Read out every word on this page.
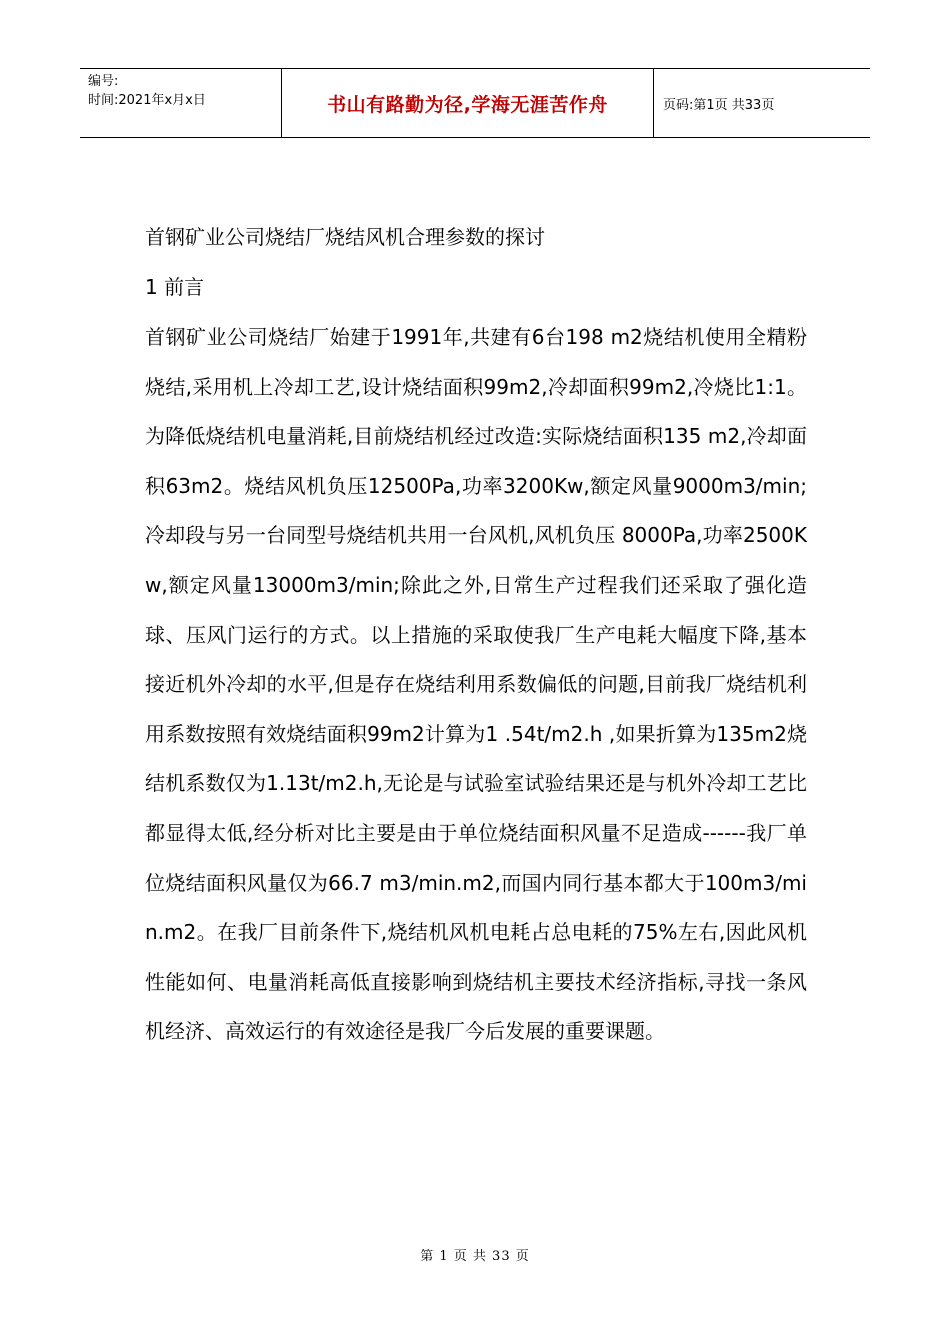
编号:
时间:2021年x月x日	书山有路勤为径,学海无涯苦作舟	页码:第1页 共33页

首钢矿业公司烧结厂烧结风机合理参数的探讨

1 前言

首钢矿业公司烧结厂始建于1991年,共建有6台198 m2烧结机使用全精粉烧结,采用机上冷却工艺,设计烧结面积99m2,冷却面积99m2,冷烧比1:1。为降低烧结机电量消耗,目前烧结机经过改造:实际烧结面积135 m2,冷却面积63m2。烧结风机负压12500Pa,功率3200Kw,额定风量9000m3/min;冷却段与另一台同型号烧结机共用一台风机,风机负压 8000Pa,功率2500Kw,额定风量13000m3/min;除此之外,日常生产过程我们还采取了强化造球、压风门运行的方式。以上措施的采取使我厂生产电耗大幅度下降,基本接近机外冷却的水平,但是存在烧结利用系数偏低的问题,目前我厂烧结机利用系数按照有效烧结面积99m2计算为1 .54t/m2.h ,如果折算为135m2烧结机系数仅为1.13t/m2.h,无论是与试验室试验结果还是与机外冷却工艺比都显得太低,经分析对比主要是由于单位烧结面积风量不足造成------我厂单位烧结面积风量仅为66.7 m3/min.m2,而国内同行基本都大于100m3/min.m2。在我厂目前条件下,烧结机风机电耗占总电耗的75%左右,因此风机性能如何、电量消耗高低直接影响到烧结机主要技术经济指标,寻找一条风机经济、高效运行的有效途径是我厂今后发展的重要课题。

第 1 页 共 33 页
